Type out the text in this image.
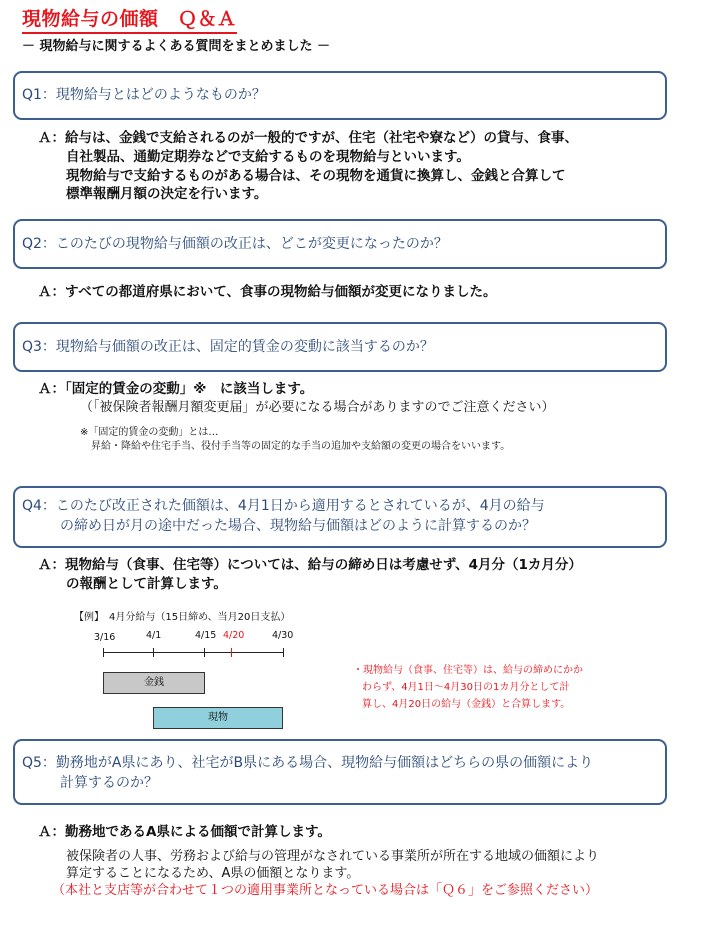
現物給与の価額　Ｑ＆Ａ
－ 現物給与に関するよくある質問をまとめました －
Q1：現物給与とはどのようなものか？
Ａ：給与は、金銭で支給されるのが一般的ですが、住宅（社宅や寮など）の貸与、食事、
自社製品、通勤定期券などで支給するものを現物給与といいます。
現物給与で支給するものがある場合は、その現物を通貨に換算し、金銭と合算して
標準報酬月額の決定を行います。
Q2：このたびの現物給与価額の改正は、どこが変更になったのか？
Ａ：すべての都道府県において、食事の現物給与価額が変更になりました。
Q3：現物給与価額の改正は、固定的賃金の変動に該当するのか？
Ａ：「固定的賃金の変動」※　に該当します。
（「被保険者報酬月額変更届」が必要になる場合がありますのでご注意ください）
※「固定的賃金の変動」とは…
昇給・降給や住宅手当、役付手当等の固定的な手当の追加や支給額の変更の場合をいいます。
Q4：このたび改正された価額は、4月1日から適用するとされているが、4月の給与
の締め日が月の途中だった場合、現物給与価額はどのように計算するのか？
Ａ：現物給与（食事、住宅等）については、給与の締め日は考慮せず、4月分（1カ月分）
の報酬として計算します。
【例】　4月分給与（15日締め、当月20日支払）
3/16	4/1	4/15 4/20	4/30
金銭
現物
・現物給与（食事、住宅等）は、給与の締めにかか
わらず、4月1日～4月30日の1カ月分として計
算し、4月20日の給与（金銭）と合算します。
Q5：勤務地がA県にあり、社宅がB県にある場合、現物給与価額はどちらの県の価額により
計算するのか？
Ａ：勤務地であるA県による価額で計算します。
被保険者の人事、労務および給与の管理がなされている事業所が所在する地域の価額により
算定することになるため、A県の価額となります。
（本社と支店等が合わせて１つの適用事業所となっている場合は「Ｑ６」をご参照ください）
